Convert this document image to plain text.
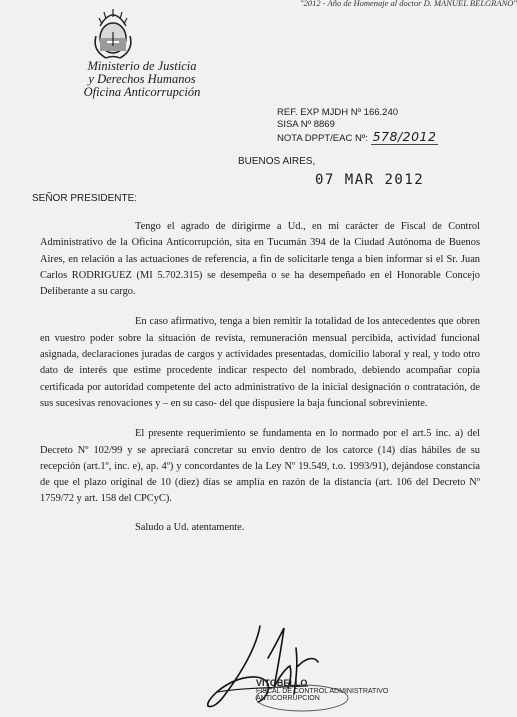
"2012 - Año de Homenaje al doctor D. MANUEL BELGRANO"
Ministerio de Justicia
y Derechos Humanos
Oficina Anticorrupción
REF. EXP MJDH Nº 166.240
SISA Nº 8869
NOTA DPPT/EAC Nº: 578/2012
BUENOS AIRES,
07 MAR 2012
SEÑOR PRESIDENTE:

Tengo el agrado de dirigirme a Ud., en mi carácter de Fiscal de Control Administrativo de la Oficina Anticorrupción, sita en Tucumán 394 de la Ciudad Autónoma de Buenos Aires, en relación a las actuaciones de referencia, a fin de solicitarle tenga a bien informar si el Sr. Juan Carlos RODRIGUEZ (MI 5.702.315) se desempeña o se ha desempeñado en el Honorable Concejo Deliberante a su cargo.

En caso afirmativo, tenga a bien remitir la totalidad de los antecedentes que obren en vuestro poder sobre la situación de revista, remuneración mensual percibida, actividad funcional asignada, declaraciones juradas de cargos y actividades presentadas, domicilio laboral y real, y todo otro dato de interés que estime procedente indicar respecto del nombrado, debiendo acompañar copia certificada por autoridad competente del acto administrativo de la inicial designación o contratación, de sus sucesivas renovaciones y – en su caso- del que dispusiere la baja funcional sobreviniente.

El presente requerimiento se fundamenta en lo normado por el art.5 inc. a) del Decreto Nº 102/99 y se apreciará concretar su envío dentro de los catorce (14) días hábiles de su recepción (art.1º, inc. e), ap. 4º) y concordantes de la Ley Nº 19.549, t.o. 1993/91), dejándose constancia de que el plazo original de 10 (diez) días se amplía en razón de la distancia (art. 106 del Decreto Nº 1759/72 y art. 158 del CPCyC).

Saludo a Ud. atentamente.

VITOBELLO
FISCAL DE CONTROL ADMINISTRATIVO
ANTICORRUPCION
